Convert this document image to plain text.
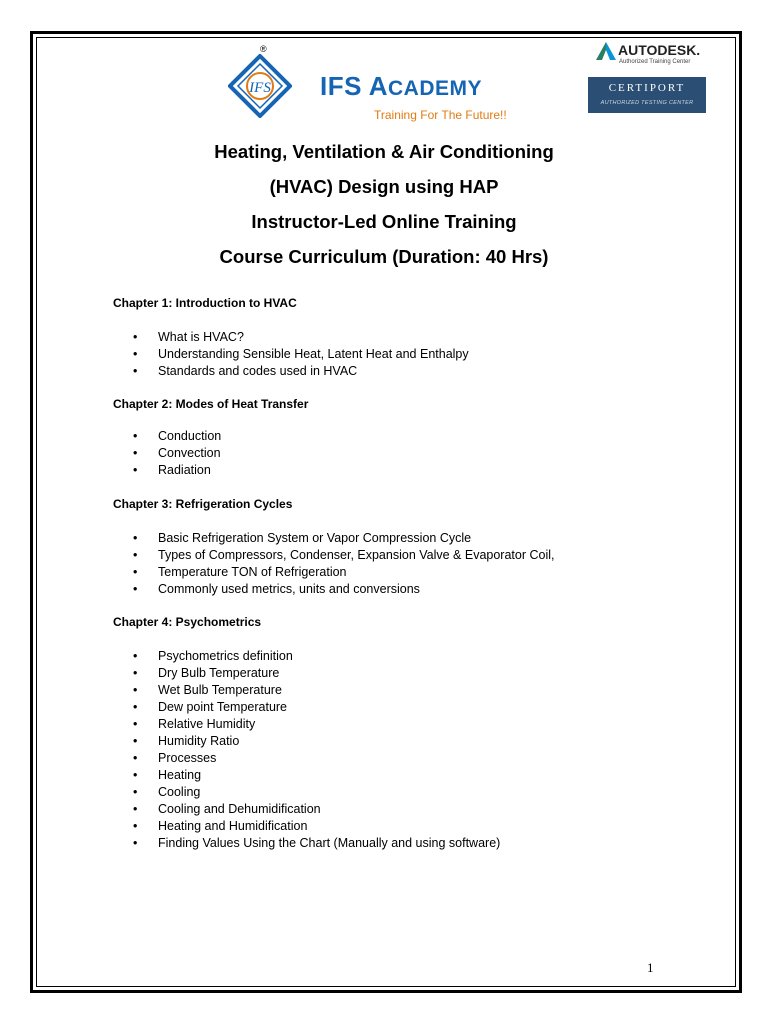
®
IFS IFS ACADEMY
Training For The Future!!
AUTODESK.
Authorized Training Center
CERTIPORT
AUTHORIZED TESTING CENTER
Heating, Ventilation & Air Conditioning
(HVAC) Design using HAP
Instructor-Led Online Training
Course Curriculum (Duration: 40 Hrs)

Chapter 1: Introduction to HVAC

• What is HVAC?
• Understanding Sensible Heat, Latent Heat and Enthalpy
• Standards and codes used in HVAC

Chapter 2: Modes of Heat Transfer

• Conduction
• Convection
• Radiation

Chapter 3: Refrigeration Cycles

• Basic Refrigeration System or Vapor Compression Cycle
• Types of Compressors, Condenser, Expansion Valve & Evaporator Coil,
• Temperature TON of Refrigeration
• Commonly used metrics, units and conversions

Chapter 4: Psychometrics

• Psychometrics definition
• Dry Bulb Temperature
• Wet Bulb Temperature
• Dew point Temperature
• Relative Humidity
• Humidity Ratio
• Processes
• Heating
• Cooling
• Cooling and Dehumidification
• Heating and Humidification
• Finding Values Using the Chart (Manually and using software)
1
